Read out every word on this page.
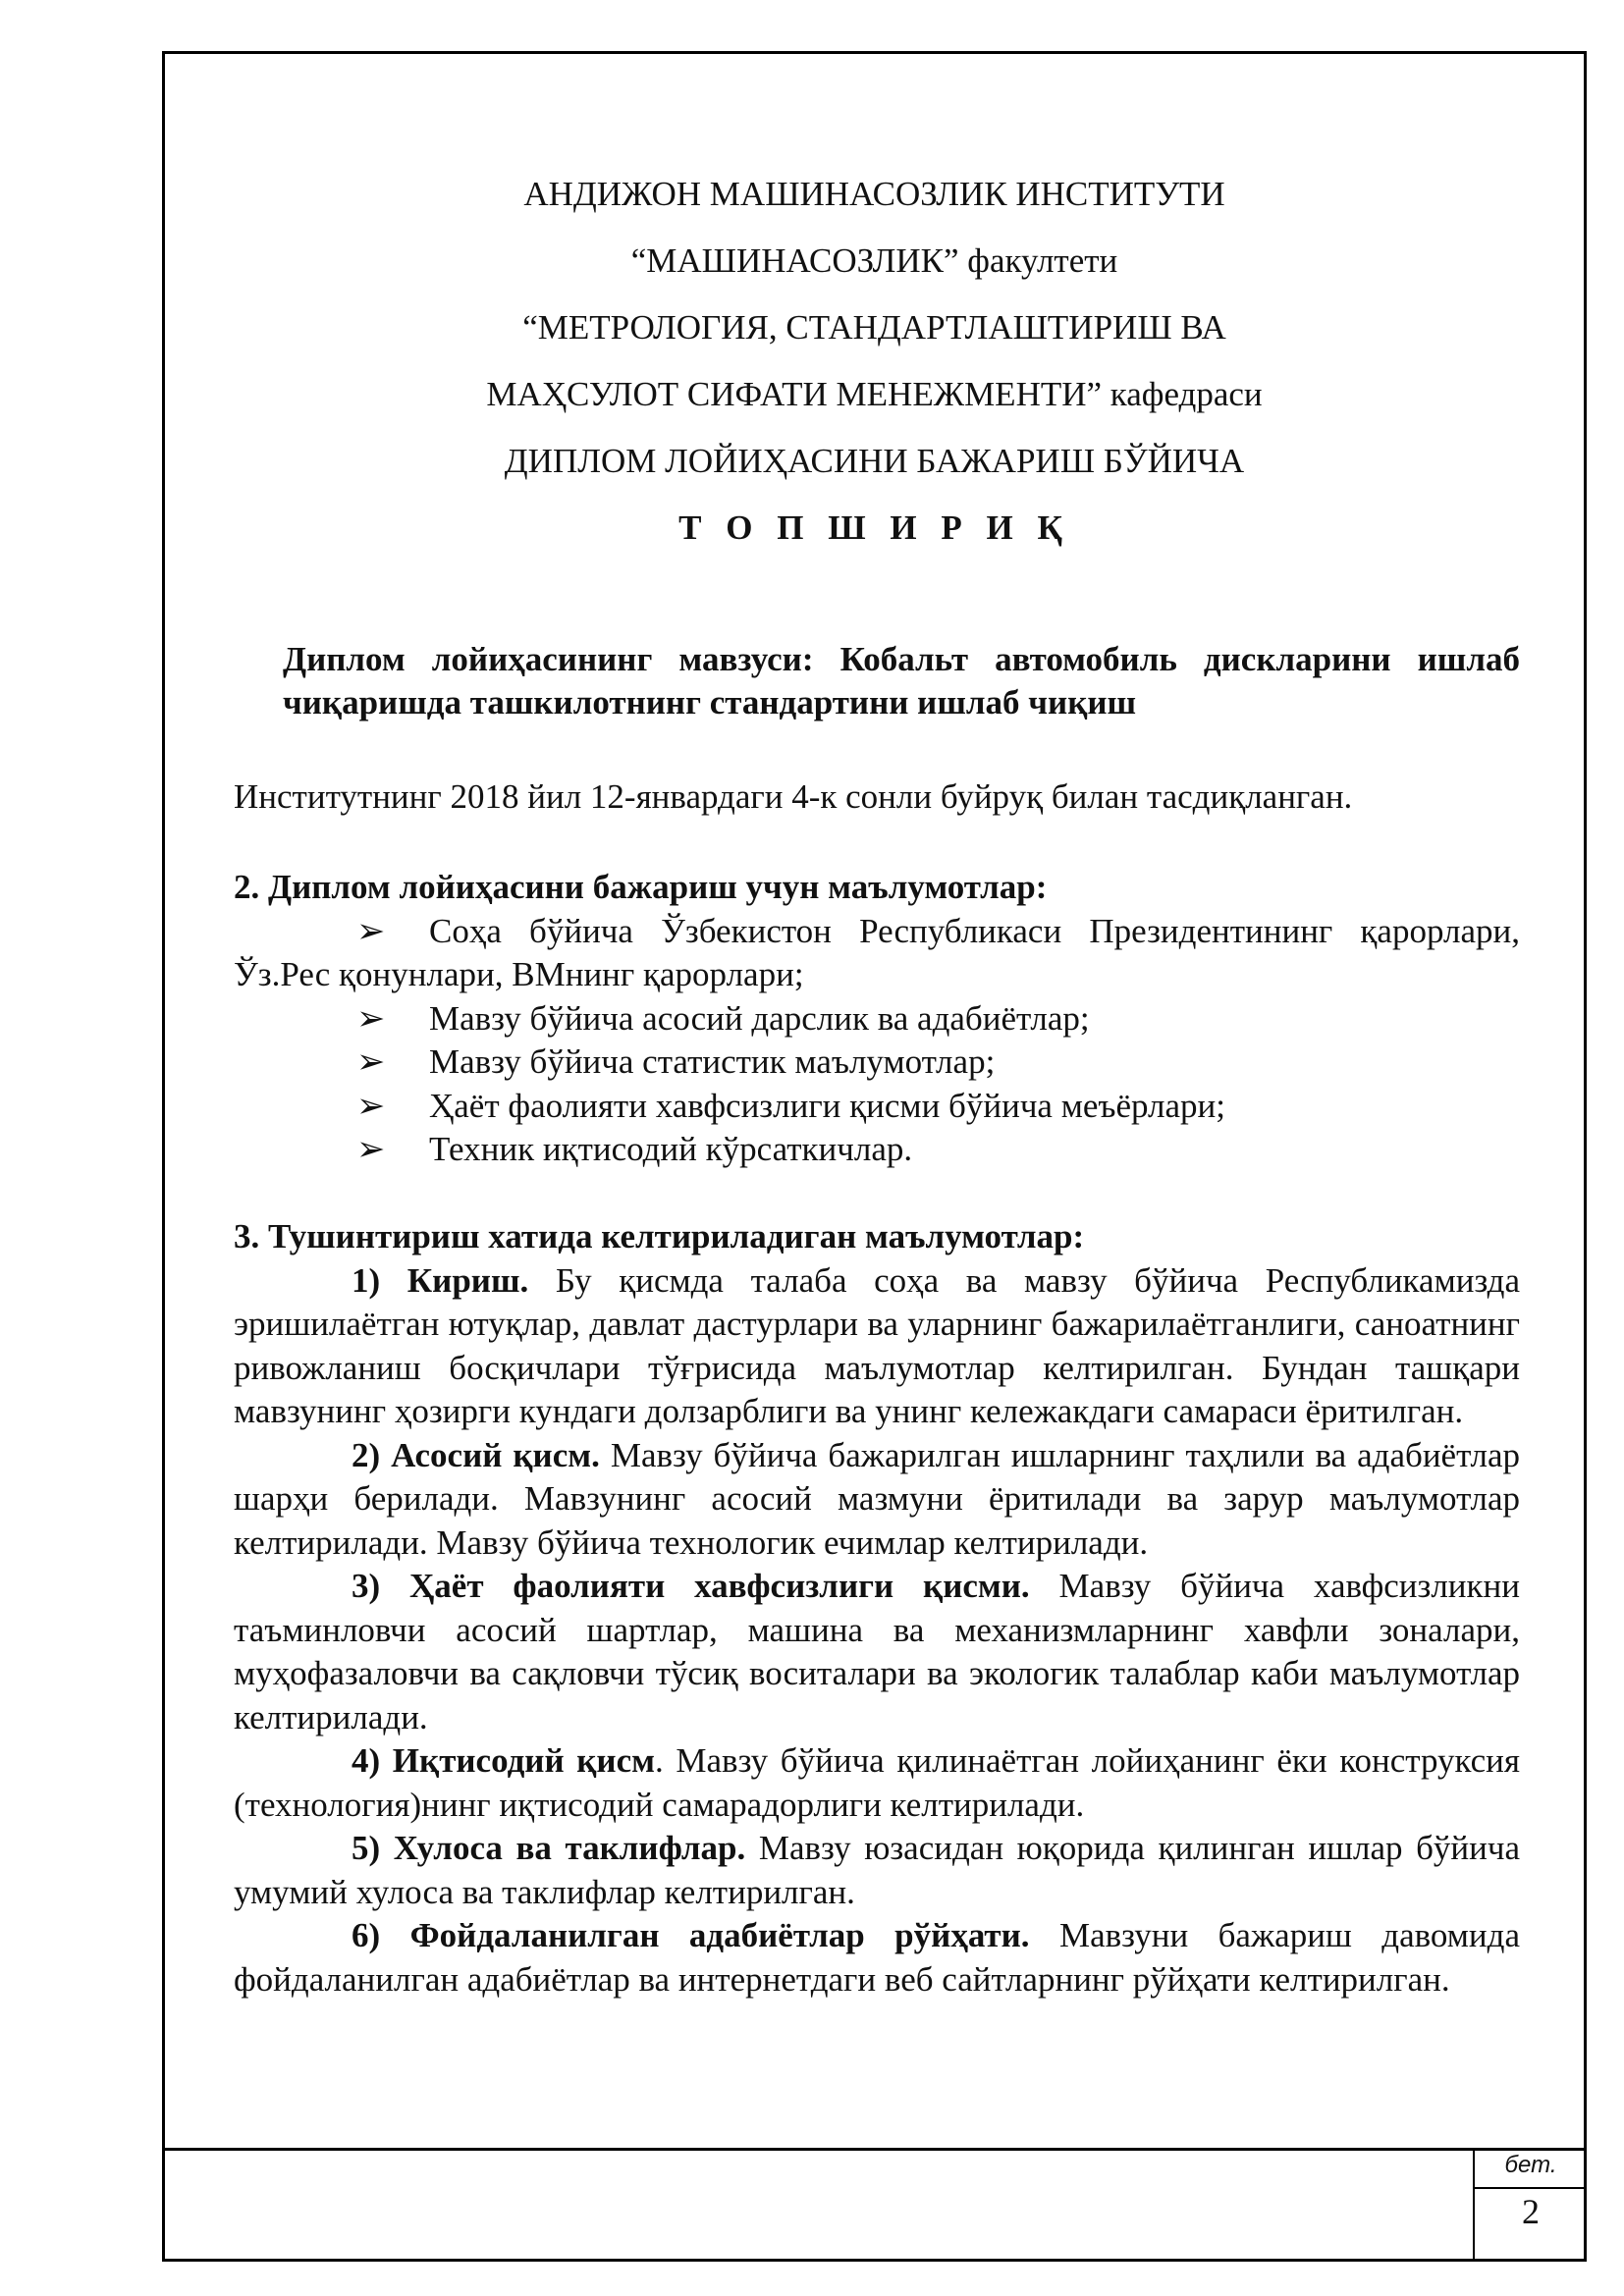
АНДИЖОН МАШИНАСОЗЛИК ИНСТИТУТИ
“МАШИНАСОЗЛИК” факултети
“МЕТРОЛОГИЯ, СТАНДАРТЛАШТИРИШ ВА
МАҲСУЛОТ СИФАТИ МЕНЕЖМЕНТИ” кафедраси
ДИПЛОМ ЛОЙИҲАСИНИ БАЖАРИШ БЎЙИЧА
Т О П Ш И Р И Қ
Диплом лойиҳасининг мавзуси: Кобальт автомобиль дискларини ишлаб чиқаришда ташкилотнинг стандартини ишлаб чиқиш
Институтнинг 2018 йил 12-январдаги 4-к сонли буйруқ билан тасдиқланган.
2. Диплом лойиҳасини бажариш учун маълумотлар:
➢ Соҳа бўйича Ўзбекистон Республикаси Президентининг қарорлари, Ўз.Рес қонунлари, ВМнинг қарорлари;
➢ Мавзу бўйича асосий дарслик ва адабиётлар;
➢ Мавзу бўйича статистик маълумотлар;
➢ Ҳаёт фаолияти хавфсизлиги қисми бўйича меъёрлари;
➢ Техник иқтисодий кўрсаткичлар.
3. Тушинтириш хатида келтириладиган маълумотлар:
1) Кириш. Бу қисмда талаба соҳа ва мавзу бўйича Республикамизда эришилаётган ютуқлар, давлат дастурлари ва уларнинг бажарилаётганлиги, саноатнинг ривожланиш босқичлари тўғрисида маълумотлар келтирилган. Бундан ташқари мавзунинг ҳозирги кундаги долзарблиги ва унинг кележакдаги самараси ёритилган.
2) Асосий қисм. Мавзу бўйича бажарилган ишларнинг таҳлили ва адабиётлар шарҳи берилади. Мавзунинг асосий мазмуни ёритилади ва зарур маълумотлар келтирилади. Мавзу бўйича технологик ечимлар келтирилади.
3) Ҳаёт фаолияти хавфсизлиги қисми. Мавзу бўйича хавфсизликни таъминловчи асосий шартлар, машина ва механизмларнинг хавфли зоналари, муҳофазаловчи ва сақловчи тўсиқ воситалари ва экологик талаблар каби маълумотлар келтирилади.
4) Иқтисодий қисм. Мавзу бўйича қилинаётган лойиҳанинг ёки конструксия (технология)нинг иқтисодий самарадорлиги келтирилади.
5) Хулоса ва таклифлар. Мавзу юзасидан юқорида қилинган ишлар бўйича умумий хулоса ва таклифлар келтирилган.
6) Фойдаланилган адабиётлар рўйҳати. Мавзуни бажариш давомида фойдаланилган адабиётлар ва интернетдаги веб сайтларнинг рўйҳати келтирилган.
бет.
2
